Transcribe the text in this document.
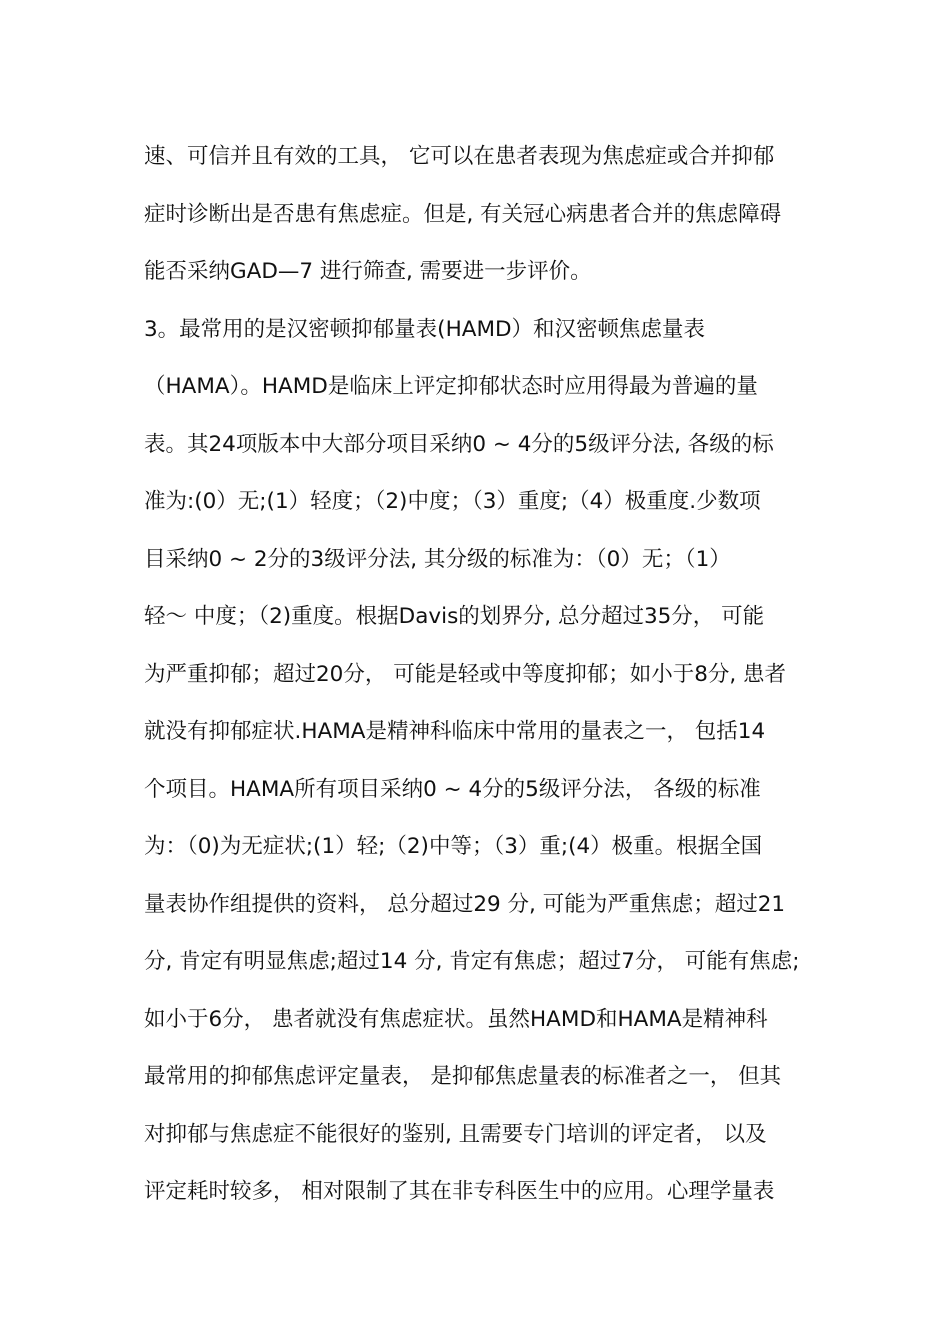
速、可信并且有效的工具， 它可以在患者表现为焦虑症或合并抑郁
症时诊断出是否患有焦虑症。但是, 有关冠心病患者合并的焦虑障碍
能否采纳GAD—7 进行筛查, 需要进一步评价。
3。最常用的是汉密顿抑郁量表(HAMD）和汉密顿焦虑量表
（HAMA）。HAMD是临床上评定抑郁状态时应用得最为普遍的量
表。其24项版本中大部分项目采纳0 ~ 4分的5级评分法, 各级的标
准为:(0）无;(1）轻度；（2)中度；（3）重度;（4）极重度.少数项
目采纳0 ~ 2分的3级评分法, 其分级的标准为：（0）无；（1）
轻～ 中度；（2)重度。根据Davis的划界分, 总分超过35分， 可能
为严重抑郁；超过20分， 可能是轻或中等度抑郁；如小于8分, 患者
就没有抑郁症状.HAMA是精神科临床中常用的量表之一， 包括14
个项目。HAMA所有项目采纳0 ~ 4分的5级评分法， 各级的标准
为：（0)为无症状;(1）轻;（2)中等；（3）重;(4）极重。根据全国
量表协作组提供的资料， 总分超过29 分, 可能为严重焦虑；超过21
分, 肯定有明显焦虑;超过14 分, 肯定有焦虑；超过7分， 可能有焦虑;
如小于6分， 患者就没有焦虑症状。虽然HAMD和HAMA是精神科
最常用的抑郁焦虑评定量表， 是抑郁焦虑量表的标准者之一， 但其
对抑郁与焦虑症不能很好的鉴别, 且需要专门培训的评定者， 以及
评定耗时较多， 相对限制了其在非专科医生中的应用。心理学量表
